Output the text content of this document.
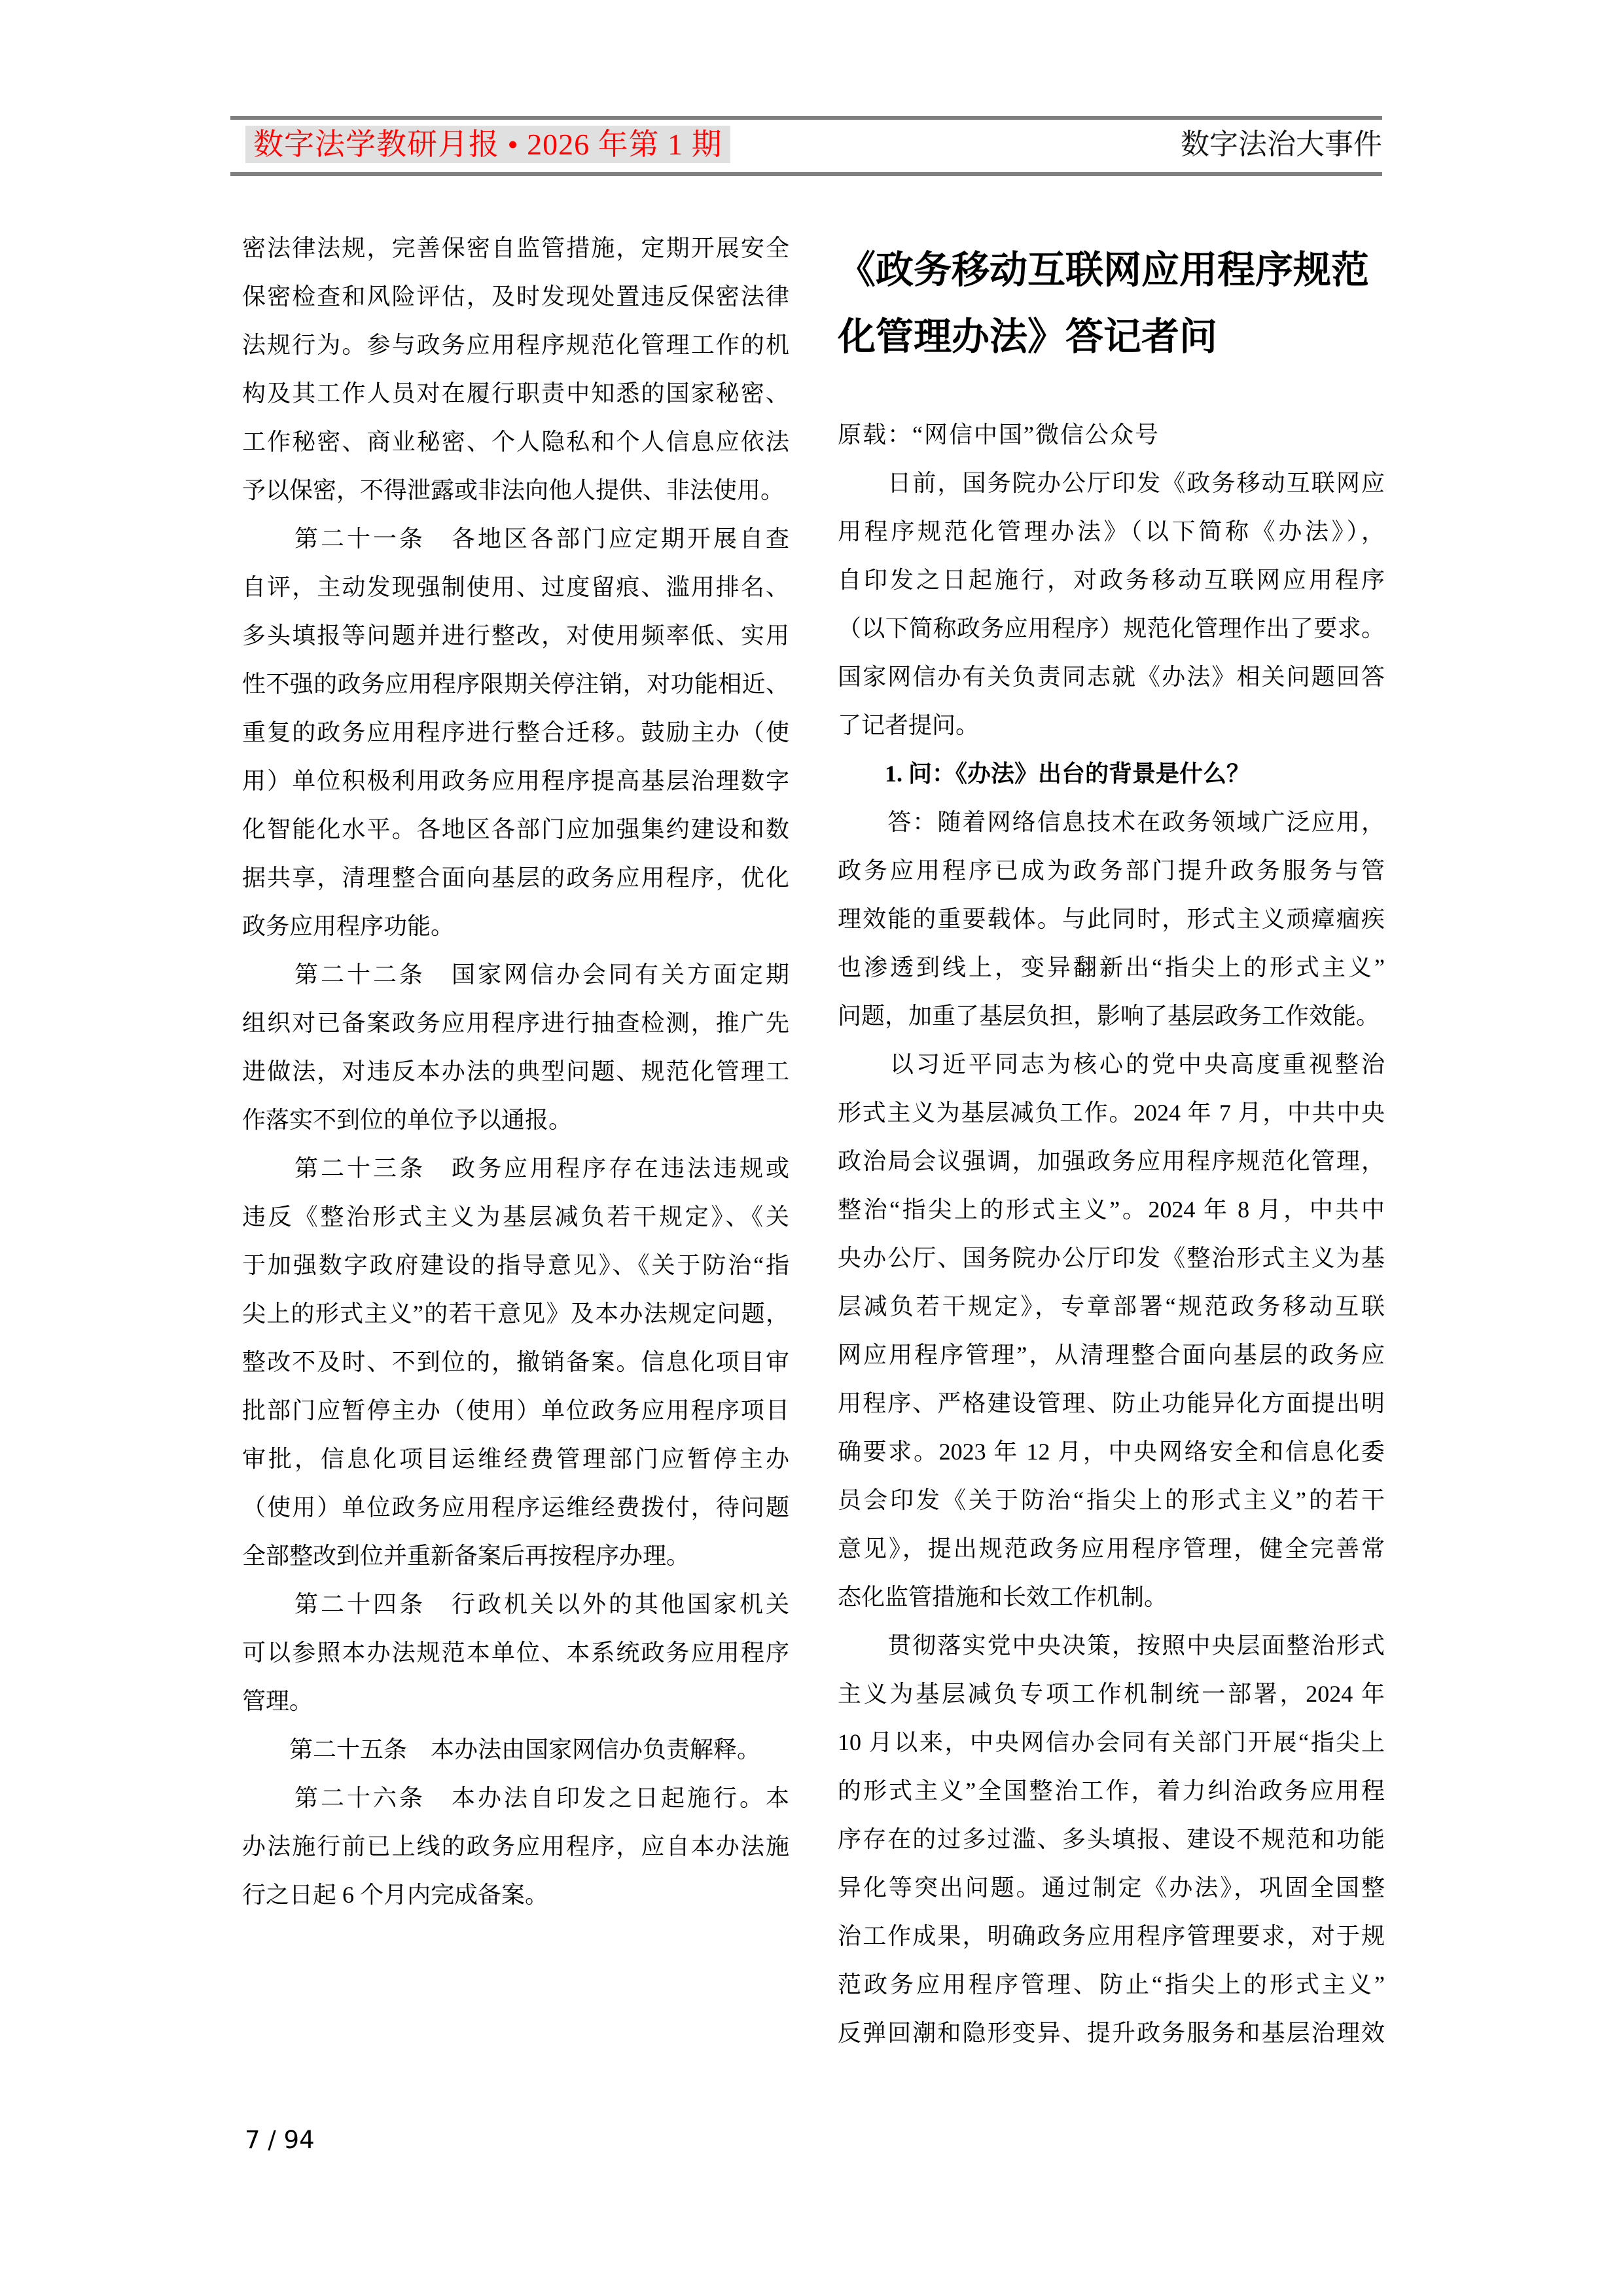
数字法学教研月报 • 2026 年第 1 期	数字法治大事件
密法律法规，完善保密自监管措施，定期开展安全
保密检查和风险评估，及时发现处置违反保密法律
法规行为。参与政务应用程序规范化管理工作的机
构及其工作人员对在履行职责中知悉的国家秘密、
工作秘密、商业秘密、个人隐私和个人信息应依法
予以保密，不得泄露或非法向他人提供、非法使用。
　　第二十一条　各地区各部门应定期开展自查
自评，主动发现强制使用、过度留痕、滥用排名、
多头填报等问题并进行整改，对使用频率低、实用
性不强的政务应用程序限期关停注销，对功能相近、
重复的政务应用程序进行整合迁移。鼓励主办（使
用）单位积极利用政务应用程序提高基层治理数字
化智能化水平。各地区各部门应加强集约建设和数
据共享，清理整合面向基层的政务应用程序，优化
政务应用程序功能。
　　第二十二条　国家网信办会同有关方面定期
组织对已备案政务应用程序进行抽查检测，推广先
进做法，对违反本办法的典型问题、规范化管理工
作落实不到位的单位予以通报。
　　第二十三条　政务应用程序存在违法违规或
违反《整治形式主义为基层减负若干规定》、《关
于加强数字政府建设的指导意见》、《关于防治“指
尖上的形式主义”的若干意见》及本办法规定问题，
整改不及时、不到位的，撤销备案。信息化项目审
批部门应暂停主办（使用）单位政务应用程序项目
审批，信息化项目运维经费管理部门应暂停主办
（使用）单位政务应用程序运维经费拨付，待问题
全部整改到位并重新备案后再按程序办理。
　　第二十四条　行政机关以外的其他国家机关
可以参照本办法规范本单位、本系统政务应用程序
管理。
　　第二十五条　本办法由国家网信办负责解释。
　　第二十六条　本办法自印发之日起施行。本
办法施行前已上线的政务应用程序，应自本办法施
行之日起 6 个月内完成备案。
《政务移动互联网应用程序规范
化管理办法》答记者问
原载：“网信中国”微信公众号
　　日前，国务院办公厅印发《政务移动互联网应
用程序规范化管理办法》（以下简称《办法》），
自印发之日起施行，对政务移动互联网应用程序
（以下简称政务应用程序）规范化管理作出了要求。
国家网信办有关负责同志就《办法》相关问题回答
了记者提问。
　　1. 问：《办法》出台的背景是什么？
　　答：随着网络信息技术在政务领域广泛应用，
政务应用程序已成为政务部门提升政务服务与管
理效能的重要载体。与此同时，形式主义顽瘴痼疾
也渗透到线上，变异翻新出“指尖上的形式主义”
问题，加重了基层负担，影响了基层政务工作效能。
　　以习近平同志为核心的党中央高度重视整治
形式主义为基层减负工作。2024 年 7 月，中共中央
政治局会议强调，加强政务应用程序规范化管理，
整治“指尖上的形式主义”。2024 年 8 月，中共中
央办公厅、国务院办公厅印发《整治形式主义为基
层减负若干规定》，专章部署“规范政务移动互联
网应用程序管理”，从清理整合面向基层的政务应
用程序、严格建设管理、防止功能异化方面提出明
确要求。2023 年 12 月，中央网络安全和信息化委
员会印发《关于防治“指尖上的形式主义”的若干
意见》，提出规范政务应用程序管理，健全完善常
态化监管措施和长效工作机制。
　　贯彻落实党中央决策，按照中央层面整治形式
主义为基层减负专项工作机制统一部署，2024 年
10 月以来，中央网信办会同有关部门开展“指尖上
的形式主义”全国整治工作，着力纠治政务应用程
序存在的过多过滥、多头填报、建设不规范和功能
异化等突出问题。通过制定《办法》，巩固全国整
治工作成果，明确政务应用程序管理要求，对于规
范政务应用程序管理、防止“指尖上的形式主义”
反弹回潮和隐形变异、提升政务服务和基层治理效
7 / 94
